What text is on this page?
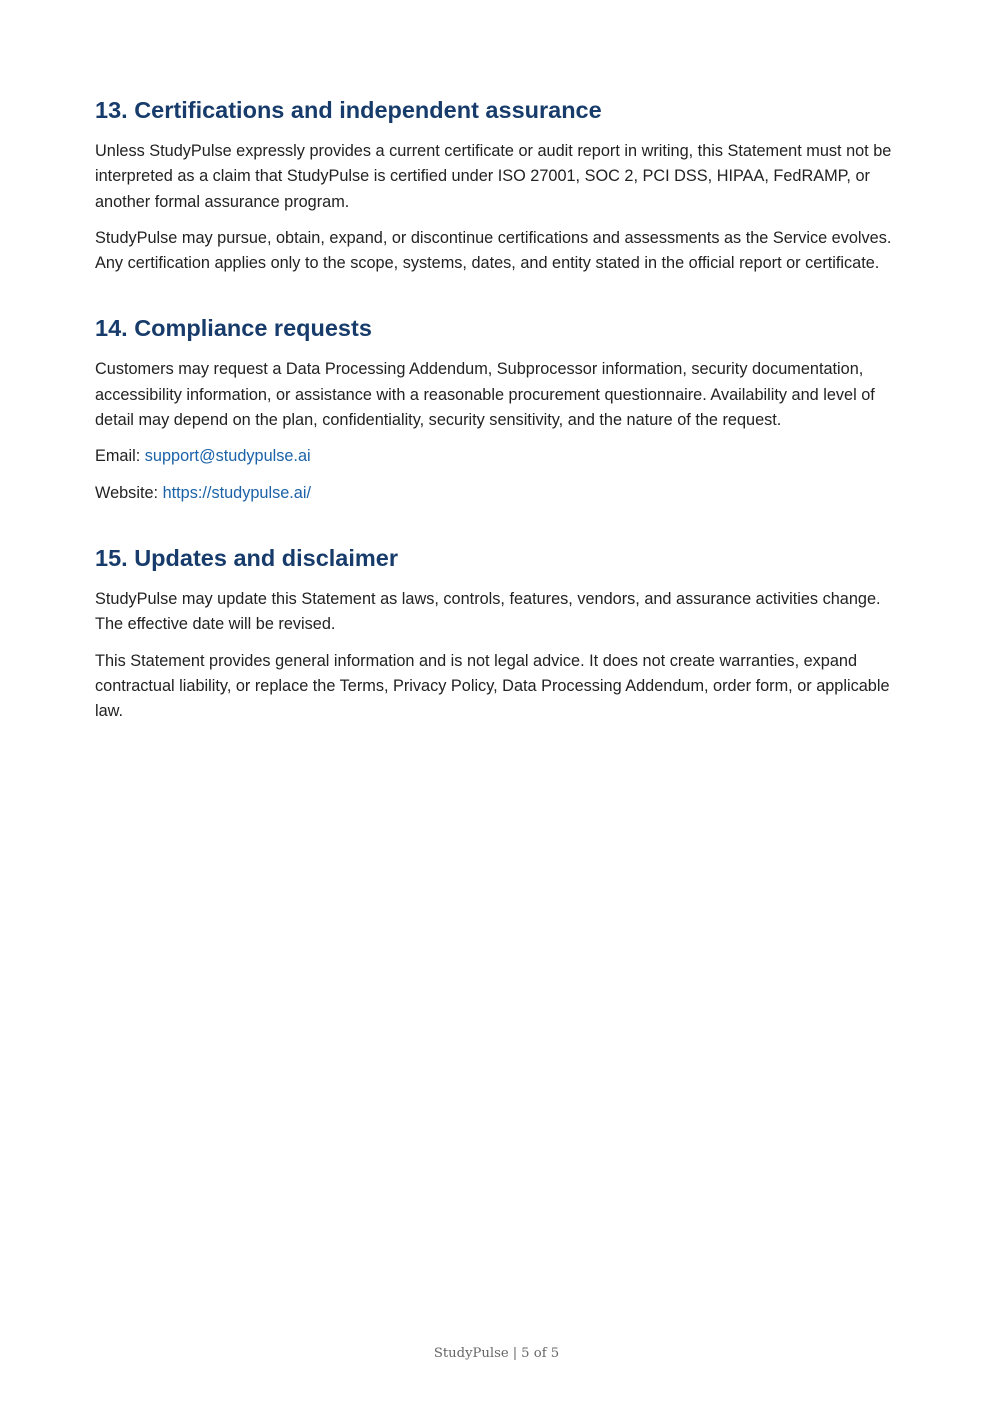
13. Certifications and independent assurance

Unless StudyPulse expressly provides a current certificate or audit report in writing, this Statement must not be interpreted as a claim that StudyPulse is certified under ISO 27001, SOC 2, PCI DSS, HIPAA, FedRAMP, or another formal assurance program.

StudyPulse may pursue, obtain, expand, or discontinue certifications and assessments as the Service evolves. Any certification applies only to the scope, systems, dates, and entity stated in the official report or certificate.

14. Compliance requests

Customers may request a Data Processing Addendum, Subprocessor information, security documentation, accessibility information, or assistance with a reasonable procurement questionnaire. Availability and level of detail may depend on the plan, confidentiality, security sensitivity, and the nature of the request.

Email: support@studypulse.ai

Website: https://studypulse.ai/

15. Updates and disclaimer

StudyPulse may update this Statement as laws, controls, features, vendors, and assurance activities change. The effective date will be revised.

This Statement provides general information and is not legal advice. It does not create warranties, expand contractual liability, or replace the Terms, Privacy Policy, Data Processing Addendum, order form, or applicable law.

StudyPulse | 5 of 5
